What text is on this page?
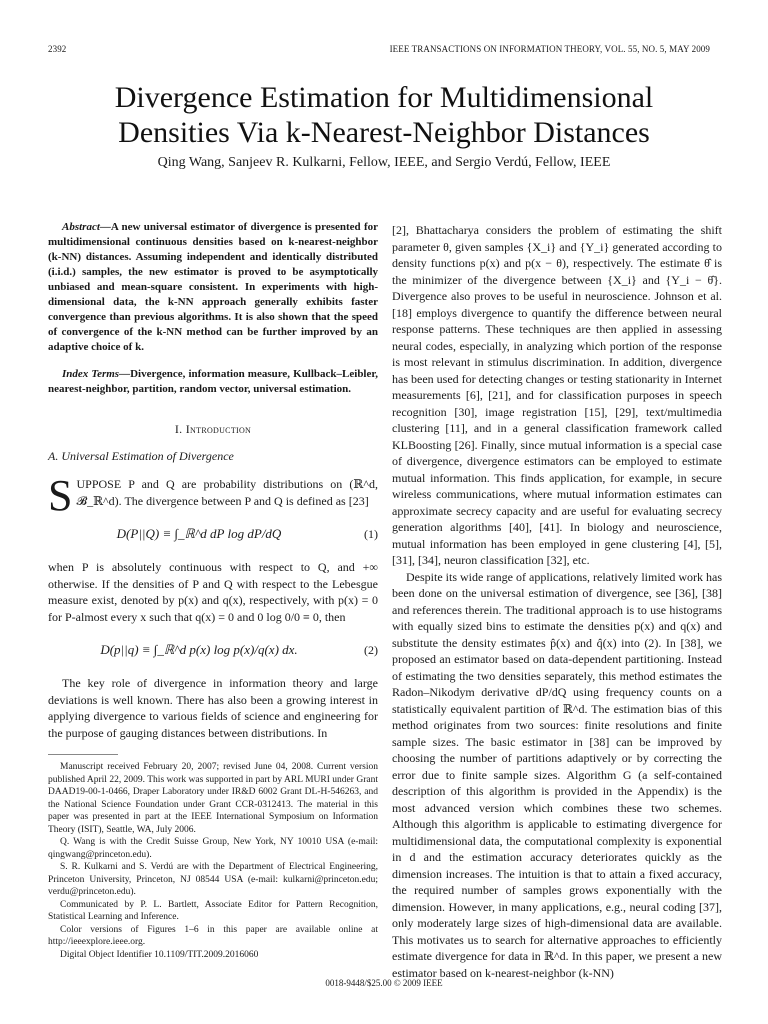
2392	IEEE TRANSACTIONS ON INFORMATION THEORY, VOL. 55, NO. 5, MAY 2009
Divergence Estimation for Multidimensional
Densities Via k-Nearest-Neighbor Distances
Qing Wang, Sanjeev R. Kulkarni, Fellow, IEEE, and Sergio Verdú, Fellow, IEEE

Abstract—A new universal estimator of divergence is presented for multidimensional continuous densities based on k-nearest-neighbor (k-NN) distances. Assuming independent and identically distributed (i.i.d.) samples, the new estimator is proved to be asymptotically unbiased and mean-square consistent. In experiments with high-dimensional data, the k-NN approach generally exhibits faster convergence than previous algorithms. It is also shown that the speed of convergence of the k-NN method can be further improved by an adaptive choice of k.

Index Terms—Divergence, information measure, Kullback–Leibler, nearest-neighbor, partition, random vector, universal estimation.

I. Introduction
A. Universal Estimation of Divergence

SUPPOSE P and Q are probability distributions on (ℝ^d, 𝓑_ℝ^d). The divergence between P and Q is defined as [23]

D(P||Q) ≡ ∫_ℝ^d dP log dP/dQ	(1)

when P is absolutely continuous with respect to Q, and +∞ otherwise. If the densities of P and Q with respect to the Lebesgue measure exist, denoted by p(x) and q(x), respectively, with p(x) = 0 for P-almost every x such that q(x) = 0 and 0 log 0/0 ≡ 0, then

D(p||q) ≡ ∫_ℝ^d p(x) log p(x)/q(x) dx.	(2)

The key role of divergence in information theory and large deviations is well known. There has also been a growing interest in applying divergence to various fields of science and engineering for the purpose of gauging distances between distributions. In

Manuscript received February 20, 2007; revised June 04, 2008. Current version published April 22, 2009. This work was supported in part by ARL MURI under Grant DAAD19-00-1-0466, Draper Laboratory under IR&D 6002 Grant DL-H-546263, and the National Science Foundation under Grant CCR-0312413. The material in this paper was presented in part at the IEEE International Symposium on Information Theory (ISIT), Seattle, WA, July 2006.

Q. Wang is with the Credit Suisse Group, New York, NY 10010 USA (e-mail: qingwang@princeton.edu).

S. R. Kulkarni and S. Verdú are with the Department of Electrical Engineering, Princeton University, Princeton, NJ 08544 USA (e-mail: kulkarni@princeton.edu; verdu@princeton.edu).

Communicated by P. L. Bartlett, Associate Editor for Pattern Recognition, Statistical Learning and Inference.

Color versions of Figures 1–6 in this paper are available online at http://ieeexplore.ieee.org.

Digital Object Identifier 10.1109/TIT.2009.2016060

[2], Bhattacharya considers the problem of estimating the shift parameter θ, given samples {X_i} and {Y_i} generated according to density functions p(x) and p(x − θ), respectively. The estimate θ̂ is the minimizer of the divergence between {X_i} and {Y_i − θ̂}. Divergence also proves to be useful in neuroscience. Johnson et al. [18] employs divergence to quantify the difference between neural response patterns. These techniques are then applied in assessing neural codes, especially, in analyzing which portion of the response is most relevant in stimulus discrimination. In addition, divergence has been used for detecting changes or testing stationarity in Internet measurements [6], [21], and for classification purposes in speech recognition [30], image registration [15], [29], text/multimedia clustering [11], and in a general classification framework called KLBoosting [26]. Finally, since mutual information is a special case of divergence, divergence estimators can be employed to estimate mutual information. This finds application, for example, in secure wireless communications, where mutual information estimates can approximate secrecy capacity and are useful for evaluating secrecy generation algorithms [40], [41]. In biology and neuroscience, mutual information has been employed in gene clustering [4], [5], [31], [34], neuron classification [32], etc.

Despite its wide range of applications, relatively limited work has been done on the universal estimation of divergence, see [36], [38] and references therein. The traditional approach is to use histograms with equally sized bins to estimate the densities p(x) and q(x) and substitute the density estimates p̂(x) and q̂(x) into (2). In [38], we proposed an estimator based on data-dependent partitioning. Instead of estimating the two densities separately, this method estimates the Radon–Nikodym derivative dP/dQ using frequency counts on a statistically equivalent partition of ℝ^d. The estimation bias of this method originates from two sources: finite resolutions and finite sample sizes. The basic estimator in [38] can be improved by choosing the number of partitions adaptively or by correcting the error due to finite sample sizes. Algorithm G (a self-contained description of this algorithm is provided in the Appendix) is the most advanced version which combines these two schemes. Although this algorithm is applicable to estimating divergence for multidimensional data, the computational complexity is exponential in d and the estimation accuracy deteriorates quickly as the dimension increases. The intuition is that to attain a fixed accuracy, the required number of samples grows exponentially with the dimension. However, in many applications, e.g., neural coding [37], only moderately large sizes of high-dimensional data are available. This motivates us to search for alternative approaches to efficiently estimate divergence for data in ℝ^d. In this paper, we present a new estimator based on k-nearest-neighbor (k-NN)

0018-9448/$25.00 © 2009 IEEE
